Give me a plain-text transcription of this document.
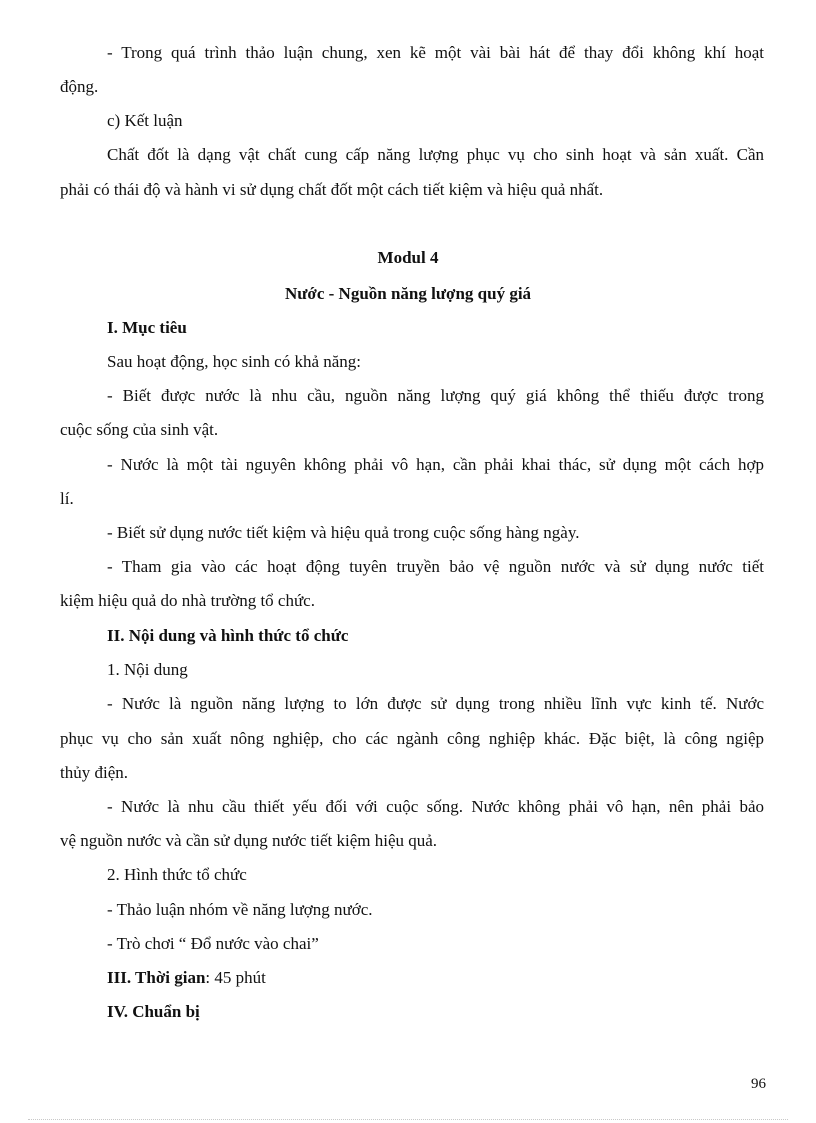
- Trong quá trình thảo luận chung, xen kẽ một vài bài hát để thay đổi không khí hoạt
động.
c) Kết luận
Chất đốt là dạng vật chất cung cấp năng lượng phục vụ cho sinh hoạt và sản xuất. Cần
phải có thái độ và hành vi sử dụng chất đốt một cách tiết kiệm và hiệu quả nhất.
Modul 4
Nước - Nguồn năng lượng quý giá
I. Mục tiêu
Sau hoạt động, học sinh có khả năng:
- Biết được nước là nhu cầu, nguồn năng lượng quý giá không thể thiếu được trong
cuộc sống của sinh vật.
- Nước là một tài nguyên không phải vô hạn, cần phải khai thác, sử dụng một cách hợp
lí.
- Biết sử dụng nước tiết kiệm và hiệu quả trong cuộc sống hàng ngày.
- Tham gia vào các hoạt động tuyên truyền bảo vệ nguồn nước và sử dụng nước tiết
kiệm hiệu quả do nhà trường tổ chức.
II. Nội dung và hình thức tổ chức
1. Nội dung
- Nước là nguồn năng lượng to lớn được sử dụng trong nhiều lĩnh vực kinh tế. Nước
phục vụ cho sản xuất nông nghiệp, cho các ngành công nghiệp khác. Đặc biệt, là công ngiệp
thủy điện.
- Nước là nhu cầu thiết yếu đối với cuộc sống. Nước không phải vô hạn, nên phải bảo
vệ nguồn nước và cần sử dụng nước tiết kiệm hiệu quả.
2. Hình thức tổ chức
- Thảo luận nhóm về năng lượng nước.
- Trò chơi “ Đổ nước vào chai”
III. Thời gian: 45 phút
IV. Chuẩn bị
96
